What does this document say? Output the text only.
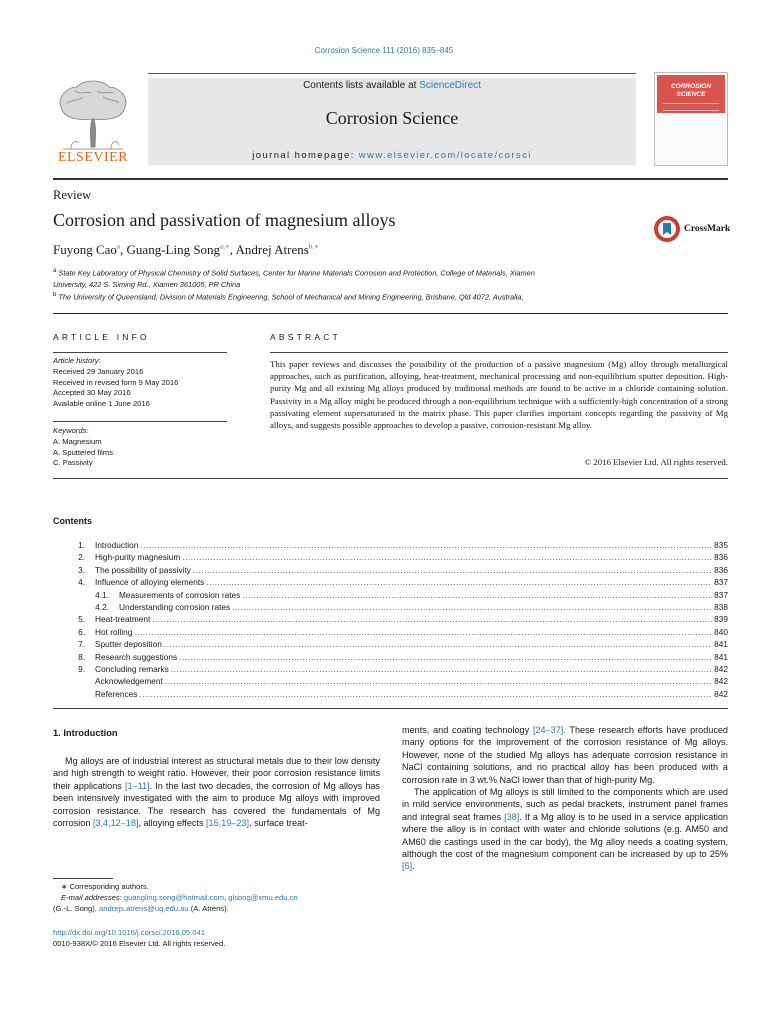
Corrosion Science 111 (2016) 835–845
ELSEVIER
Contents lists available at ScienceDirect
Corrosion Science
journal homepage: www.elsevier.com/locate/corsci
CORROSION SCIENCE
Review
Corrosion and passivation of magnesium alloys	CrossMark
Fuyong Cao$^a$, Guang-Ling Song$^{a,∗}$, Andrej Atrens$^{b,∗}$
$^a$ State Key Laboratory of Physical Chemistry of Solid Surfaces, Center for Marine Materials Corrosion and Protection, College of Materials, Xiamen
University, 422 S. Siming Rd., Xiamen 361005, PR China
$^b$ The University of Queensland, Division of Materials Engineering, School of Mechanical and Mining Engineering, Brisbane, Qld 4072, Australia,
ARTICLE INFO
Article history:
Received 29 January 2016
Received in revised form 9 May 2016
Accepted 30 May 2016
Available online 1 June 2016
Keywords:
A. Magnesium
A. Sputtered films
C. Passivity
ABSTRACT
This paper reviews and discusses the possibility of the production of a passive magnesium (Mg) alloy through metallurgical approaches, such as purification, alloying, heat-treatment, mechanical processing and non-equilibrium sputter deposition. High-purity Mg and all existing Mg alloys produced by traditional methods are found to be active in a chloride containing solution. Passivity in a Mg alloy might be produced through a non-equilibrium technique with a sufficiently-high concentration of a strong passivating element supersaturated in the matrix phase. This paper clarifies important concepts regarding the passivity of Mg alloys, and suggests possible approaches to develop a passive, corrosion-resistant Mg alloy.
© 2016 Elsevier Ltd. All rights reserved.
Contents
1.	Introduction .....	835
2.	High-purity magnesium .....	836
3.	The possibility of passivity .....	836
4.	Influence of alloying elements .....	837
4.1.	Measurements of corrosion rates .....	837
4.2.	Understanding corrosion rates .....	838
5.	Heat-treatment .....	839
6.	Hot rolling .....	840
7.	Sputter deposition .....	841
8.	Research suggestions .....	841
9.	Concluding remarks .....	842
Acknowledgement .....	842
References .....	842
1. Introduction

Mg alloys are of industrial interest as structural metals due to their low density and high strength to weight ratio. However, their poor corrosion resistance limits their applications [1–11]. In the last two decades, the corrosion of Mg alloys has been intensively investigated with the aim to produce Mg alloys with improved corrosion resistance. The research has covered the fundamentals of Mg corrosion [3,4,12–18], alloying effects [15,19–23], surface treat-

ments, and coating technology [24–37]. These research efforts have produced many options for the improvement of the corrosion resistance of Mg alloys. However, none of the studied Mg alloys has adequate corrosion resistance in NaCl containing solutions, and no practical alloy has been produced with a corrosion rate in 3 wt.% NaCl lower than that of high-purity Mg.

The application of Mg alloys is still limited to the components which are used in mild service environments, such as pedal brackets, instrument panel frames and integral seat frames [38]. If a Mg alloy is to be used in a service application where the alloy is in contact with water and chloride solutions (e.g. AM50 and AM60 die castings used in the car body), the Mg alloy needs a coating system, although the cost of the magnesium component can be increased by up to 25% [5].

∗ Corresponding authors.
E-mail addresses: guangling.song@hotmail.com, glsong@xmu.edu.cn
(G.-L. Song), andrejs.atrens@uq.edu.au (A. Atrens).
http://dx.doi.org/10.1016/j.corsci.2016.05.041
0010-938X/© 2016 Elsevier Ltd. All rights reserved.
